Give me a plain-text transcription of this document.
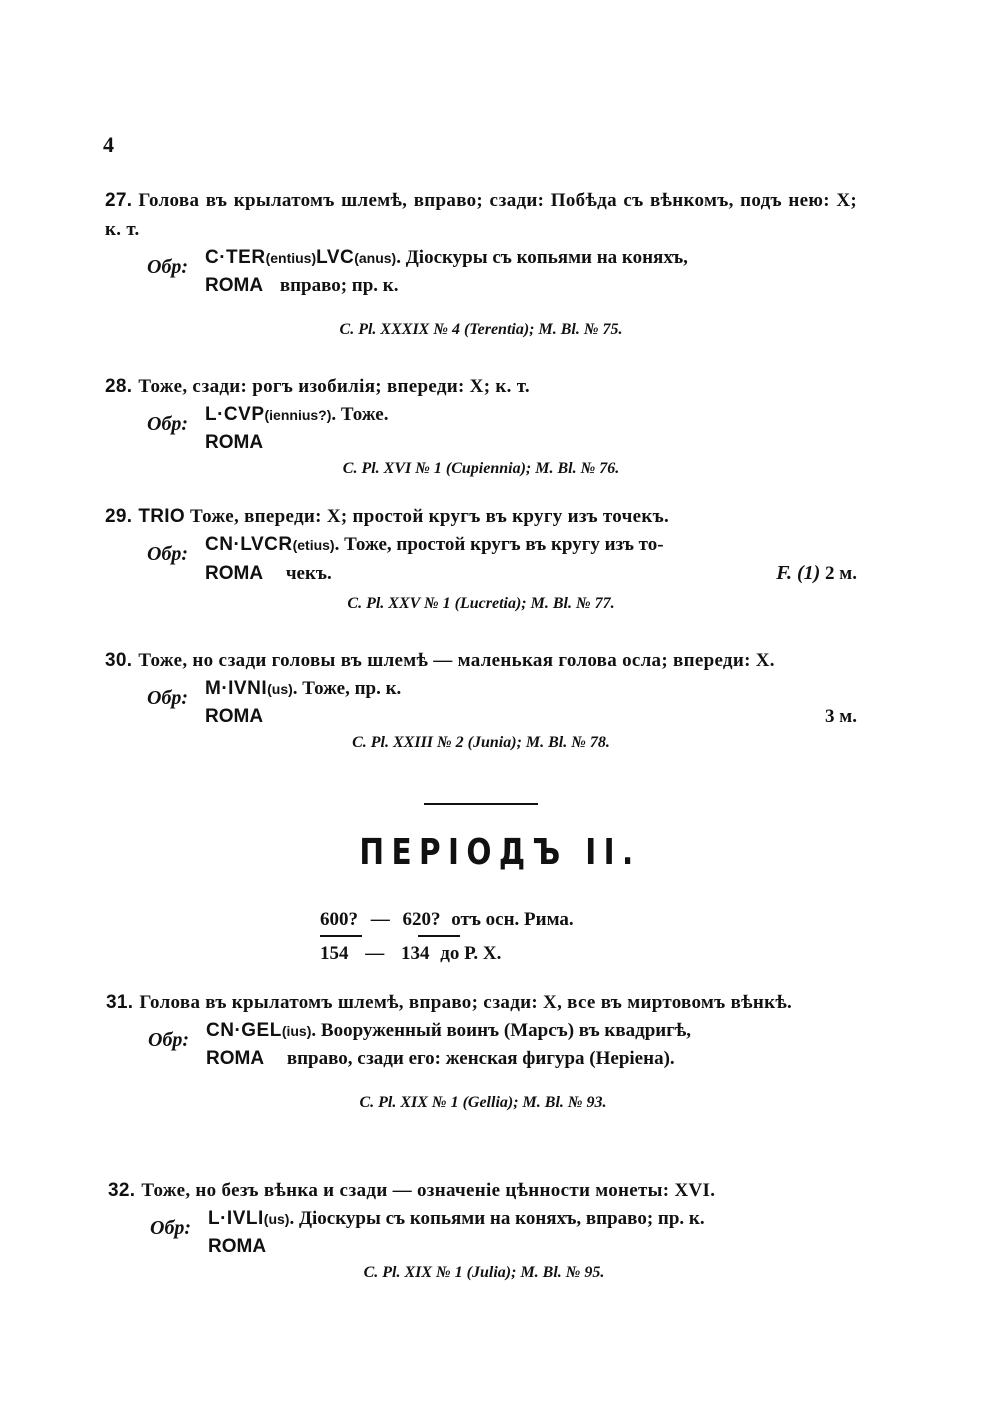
4
27. Голова въ крылатомъ шлемѣ, вправо; сзади: Побѣда съ вѣнкомъ, подъ нею: X; к. т.
Обр: C·TER(entius)LVC(anus). Діоскуры съ копьями на коняхъ,
ROMA вправо; пр. к.
C. Pl. XXXIX № 4 (Terentia); M. Bl. № 75.
28. Тоже, сзади: рогъ изобилія; впереди: X; к. т.
Обр: L·CVP(iennius?). Тоже.
ROMA
C. Pl. XVI № 1 (Cupiennia); M. Bl. № 76.
29. TRIO Тоже, впереди: X; простой кругъ въ кругу изъ точекъ.
Обр: CN·LVCR(etius). Тоже, простой кругъ въ кругу изъ то-
ROMA чекъ.	F. (1) 2 м.
C. Pl. XXV № 1 (Lucretia); M. Bl. № 77.
30. Тоже, но сзади головы въ шлемѣ — маленькая голова осла; впереди: X.
Обр: M·IVNI(us). Тоже, пр. к.
ROMA	3 м.
C. Pl. XXIII № 2 (Junia); M. Bl. № 78.
ПЕРІОДЪ II.
600? — 620? отъ осн. Рима.
154 — 134 до Р. Х.
31. Голова въ крылатомъ шлемѣ, вправо; сзади: X, все въ миртовомъ вѣнкѣ.
Обр: CN·GEL(ius). Вооруженный воинъ (Марсъ) въ квадригѣ,
ROMA вправо, сзади его: женская фигура (Неріена).
C. Pl. XIX № 1 (Gellia); M. Bl. № 93.
32. Тоже, но безъ вѣнка и сзади — означеніе цѣнности монеты: XVI.
Обр: L·IVLI(us). Діоскуры съ копьями на коняхъ, вправо; пр. к.
ROMA
C. Pl. XIX № 1 (Julia); M. Bl. № 95.
